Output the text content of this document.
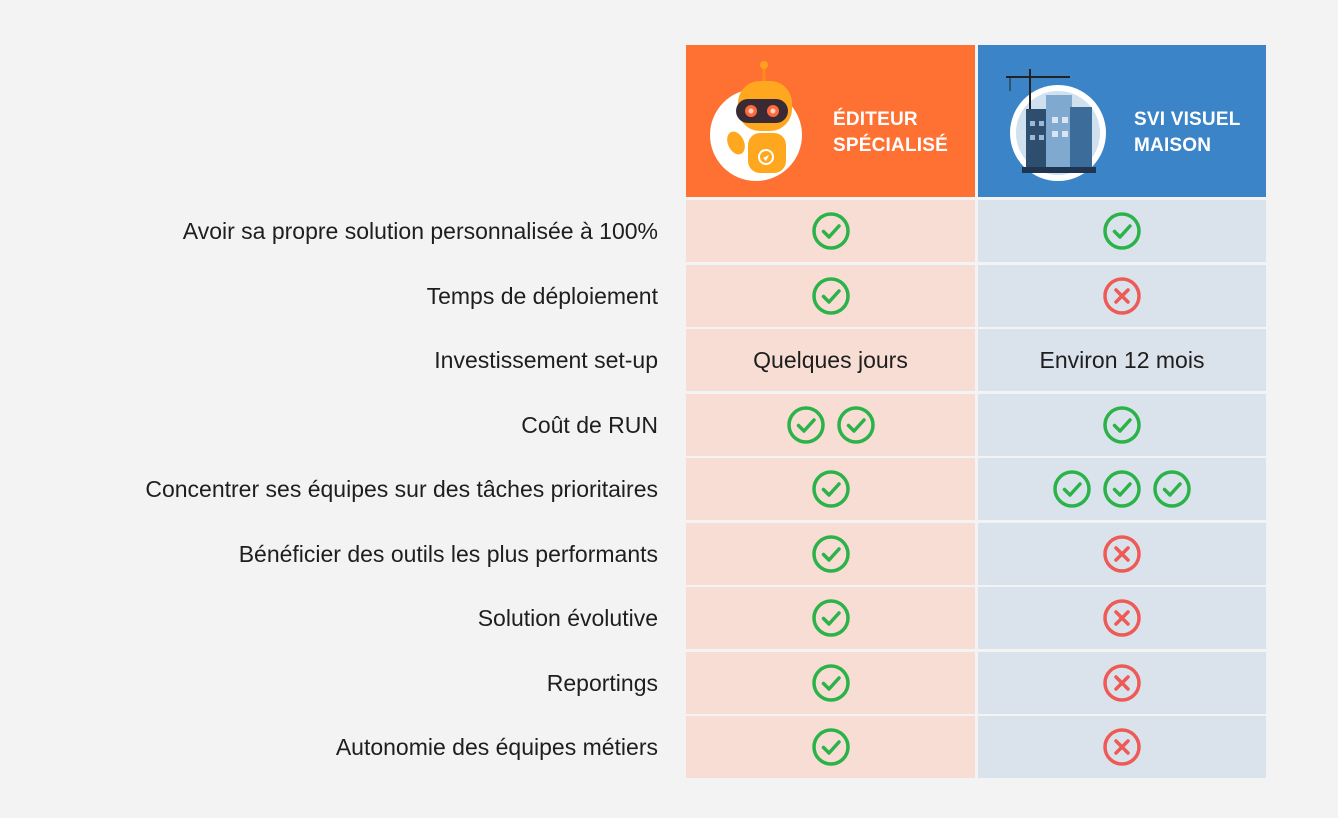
ÉDITEUR
SPÉCIALISÉ
SVI VISUEL
MAISON
Avoir sa propre solution personnalisée à 100%
Temps de déploiement
Investissement set-up	Quelques jours	Environ 12 mois
Coût de RUN
Concentrer ses équipes sur des tâches prioritaires
Bénéficier des outils les plus performants
Solution évolutive
Reportings
Autonomie des équipes métiers
